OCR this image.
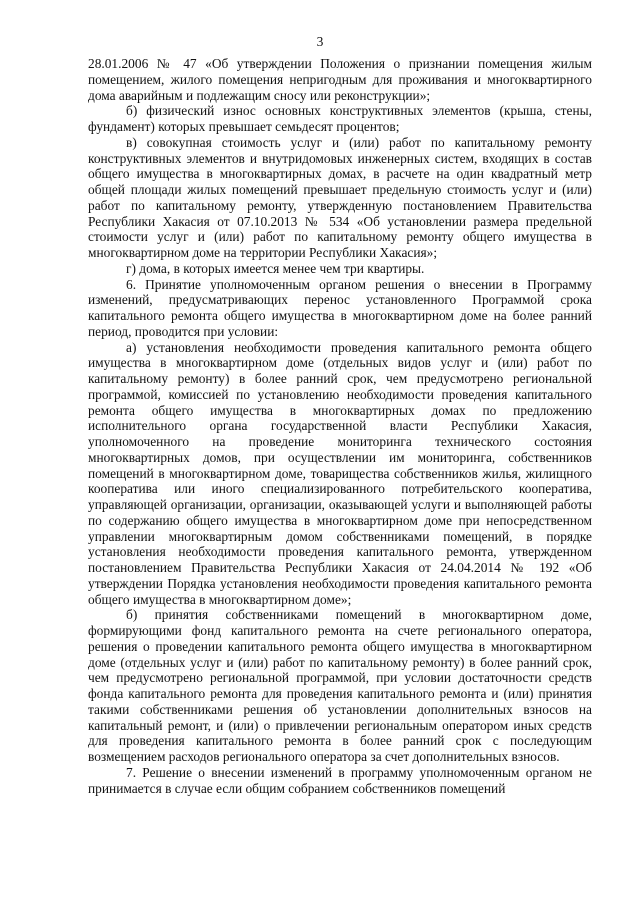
3

28.01.2006 № 47 «Об утверждении Положения о признании помещения жилым помещением, жилого помещения непригодным для проживания и многоквартирного дома аварийным и подлежащим сносу или реконструкции»;

б) физический износ основных конструктивных элементов (крыша, стены, фундамент) которых превышает семьдесят процентов;

в) совокупная стоимость услуг и (или) работ по капитальному ремонту конструктивных элементов и внутридомовых инженерных систем, входящих в состав общего имущества в многоквартирных домах, в расчете на один квадратный метр общей площади жилых помещений превышает предельную стоимость услуг и (или) работ по капитальному ремонту, утвержденную постановлением Правительства Республики Хакасия от 07.10.2013 № 534 «Об установлении размера предельной стоимости услуг и (или) работ по капитальному ремонту общего имущества в многоквартирном доме на территории Республики Хакасия»;

г) дома, в которых имеется менее чем три квартиры.

6. Принятие уполномоченным органом решения о внесении в Программу изменений, предусматривающих перенос установленного Программой срока капитального ремонта общего имущества в многоквартирном доме на более ранний период, проводится при условии:

а) установления необходимости проведения капитального ремонта общего имущества в многоквартирном доме (отдельных видов услуг и (или) работ по капитальному ремонту) в более ранний срок, чем предусмотрено региональной программой, комиссией по установлению необходимости проведения капитального ремонта общего имущества в многоквартирных домах по предложению исполнительного органа государственной власти Республики Хакасия, уполномоченного на проведение мониторинга технического состояния многоквартирных домов, при осуществлении им мониторинга, собственников помещений в многоквартирном доме, товарищества собственников жилья, жилищного кооператива или иного специализированного потребительского кооператива, управляющей организации, организации, оказывающей услуги и выполняющей работы по содержанию общего имущества в многоквартирном доме при непосредственном управлении многоквартирным домом собственниками помещений, в порядке установления необходимости проведения капитального ремонта, утвержденном постановлением Правительства Республики Хакасия от 24.04.2014 № 192 «Об утверждении Порядка установления необходимости проведения капитального ремонта общего имущества в многоквартирном доме»;

б) принятия собственниками помещений в многоквартирном доме, формирующими фонд капитального ремонта на счете регионального оператора, решения о проведении капитального ремонта общего имущества в многоквартирном доме (отдельных услуг и (или) работ по капитальному ремонту) в более ранний срок, чем предусмотрено региональной программой, при условии достаточности средств фонда капитального ремонта для проведения капитального ремонта и (или) принятия такими собственниками решения об установлении дополнительных взносов на капитальный ремонт, и (или) о привлечении региональным оператором иных средств для проведения капитального ремонта в более ранний срок с последующим возмещением расходов регионального оператора за счет дополнительных взносов.

7. Решение о внесении изменений в программу уполномоченным органом не принимается в случае если общим собранием собственников помещений
